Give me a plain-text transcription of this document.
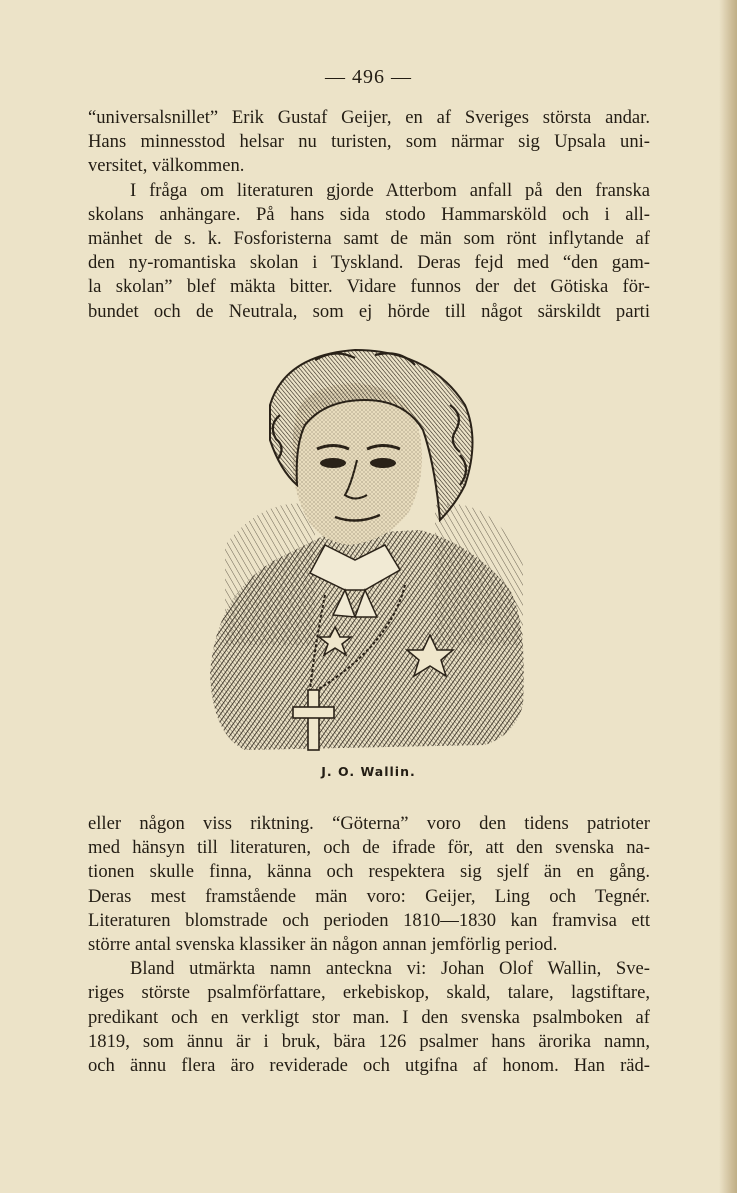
— 496 —
“universalsnillet” Erik Gustaf Geijer, en af Sveriges största andar.
Hans minnesstod helsar nu turisten, som närmar sig Upsala uni-
versitet, välkommen.
I fråga om literaturen gjorde Atterbom anfall på den franska
skolans anhängare. På hans sida stodo Hammarsköld och i all-
mänhet de s. k. Fosforisterna samt de män som rönt inflytande af
den ny-romantiska skolan i Tyskland. Deras fejd med “den gam-
la skolan” blef mäkta bitter. Vidare funnos der det Götiska för-
bundet och de Neutrala, som ej hörde till något särskildt parti
J. O. Wallin.
eller någon viss riktning. “Göterna” voro den tidens patrioter
med hänsyn till literaturen, och de ifrade för, att den svenska na-
tionen skulle finna, känna och respektera sig sjelf än en gång.
Deras mest framstående män voro: Geijer, Ling och Tegnér.
Literaturen blomstrade och perioden 1810—1830 kan framvisa ett
större antal svenska klassiker än någon annan jemförlig period.
Bland utmärkta namn anteckna vi: Johan Olof Wallin, Sve-
riges störste psalmförfattare, erkebiskop, skald, talare, lagstiftare,
predikant och en verkligt stor man. I den svenska psalmboken af
1819, som ännu är i bruk, bära 126 psalmer hans ärorika namn,
och ännu flera äro reviderade och utgifna af honom. Han räd-
